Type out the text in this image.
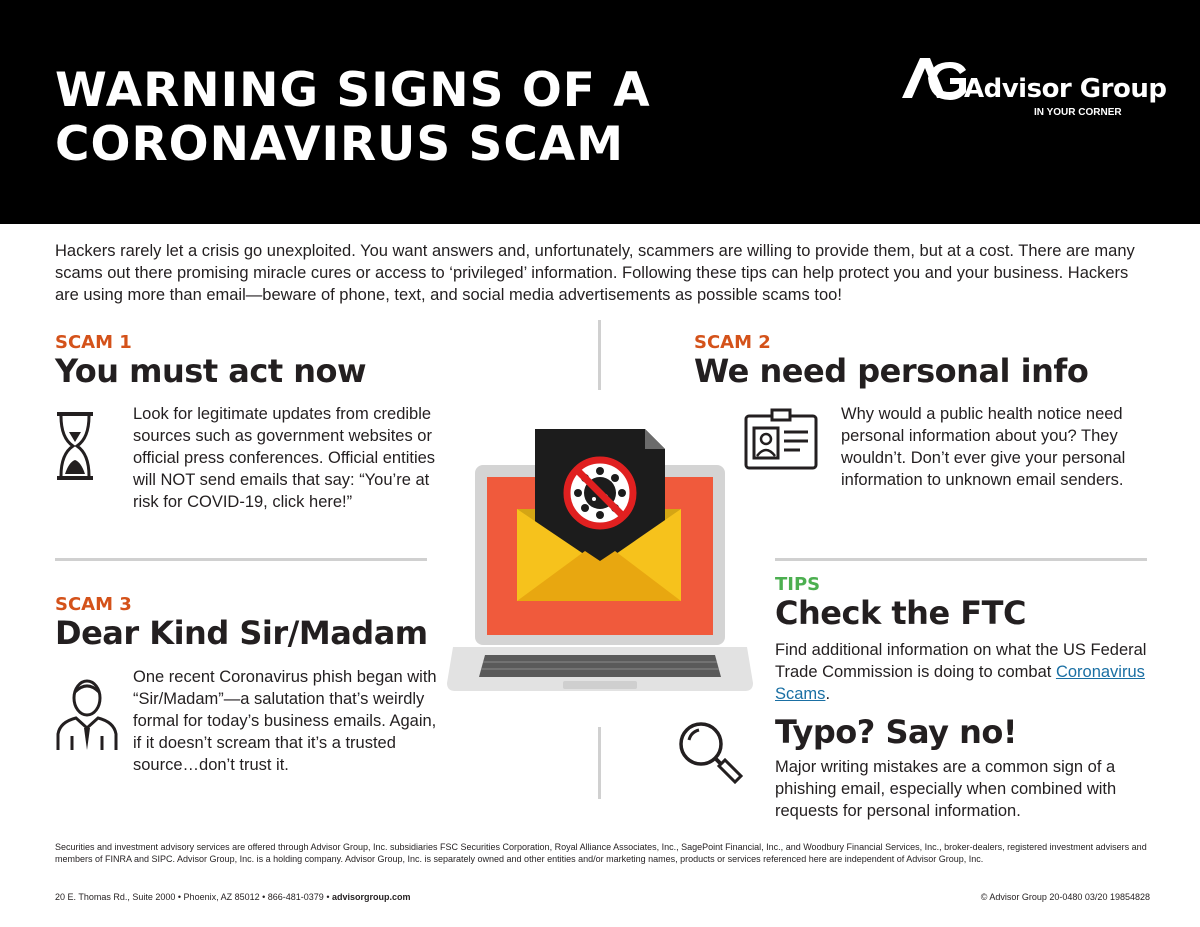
WARNING SIGNS OF A
CORONAVIRUS SCAM
Advisor Group
IN YOUR CORNER

Hackers rarely let a crisis go unexploited. You want answers and, unfortunately, scammers are willing to provide them, but at a cost. There are many scams out there promising miracle cures or access to ‘privileged’ information. Following these tips can help protect you and your business. Hackers are using more than email—beware of phone, text, and social media advertisements as possible scams too!

SCAM 1
You must act now

Look for legitimate updates from credible sources such as government websites or official press conferences. Official entities will NOT send emails that say: “You’re at risk for COVID-19, click here!”

SCAM 2
We need personal info

Why would a public health notice need personal information about you? They wouldn’t. Don’t ever give your personal information to unknown email senders.

SCAM 3
Dear Kind Sir/Madam

One recent Coronavirus phish began with “Sir/Madam”—a salutation that’s weirdly formal for today’s business emails. Again, if it doesn’t scream that it’s a trusted source…don’t trust it.

TIPS
Check the FTC

Find additional information on what the US Federal Trade Commission is doing to combat Coronavirus Scams.

Typo? Say no!

Major writing mistakes are a common sign of a phishing email, especially when combined with requests for personal information.

Securities and investment advisory services are offered through Advisor Group, Inc. subsidiaries FSC Securities Corporation, Royal Alliance Associates, Inc., SagePoint Financial, Inc., and Woodbury Financial Services, Inc., broker-dealers, registered investment advisers and members of FINRA and SIPC. Advisor Group, Inc. is a holding company. Advisor Group, Inc. is separately owned and other entities and/or marketing names, products or services referenced here are independent of Advisor Group, Inc.

20 E. Thomas Rd., Suite 2000 • Phoenix, AZ 85012 • 866-481-0379 • advisorgroup.com	© Advisor Group 20-0480 03/20 19854828
